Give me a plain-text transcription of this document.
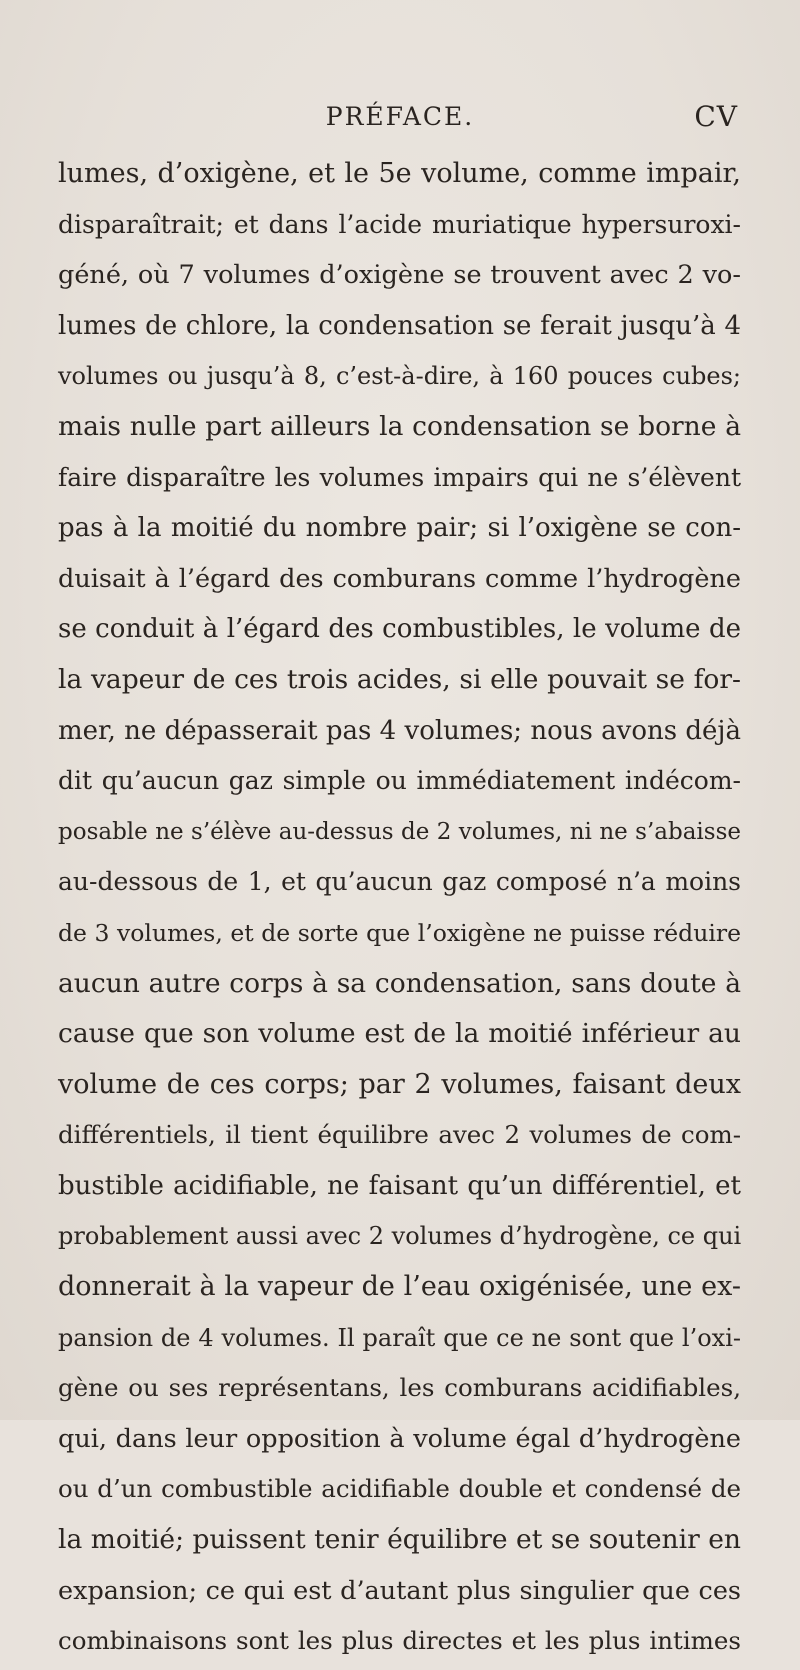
PRÉFACE.	CV
lumes, d’oxigène, et le 5e volume, comme impair,
disparaîtrait; et dans l’acide muriatique hypersuroxi-
géné, où 7 volumes d’oxigène se trouvent avec 2 vo-
lumes de chlore, la condensation se ferait jusqu’à 4
volumes ou jusqu’à 8, c’est-à-dire, à 160 pouces cubes;
mais nulle part ailleurs la condensation se borne à
faire disparaître les volumes impairs qui ne s’élèvent
pas à la moitié du nombre pair; si l’oxigène se con-
duisait à l’égard des comburans comme l’hydrogène
se conduit à l’égard des combustibles, le volume de
la vapeur de ces trois acides, si elle pouvait se for-
mer, ne dépasserait pas 4 volumes; nous avons déjà
dit qu’aucun gaz simple ou immédiatement indécom-
posable ne s’élève au-dessus de 2 volumes, ni ne s’abaisse
au-dessous de 1, et qu’aucun gaz composé n’a moins
de 3 volumes, et de sorte que l’oxigène ne puisse réduire
aucun autre corps à sa condensation, sans doute à
cause que son volume est de la moitié inférieur au
volume de ces corps; par 2 volumes, faisant deux
différentiels, il tient équilibre avec 2 volumes de com-
bustible acidifiable, ne faisant qu’un différentiel, et
probablement aussi avec 2 volumes d’hydrogène, ce qui
donnerait à la vapeur de l’eau oxigénisée, une ex-
pansion de 4 volumes. Il paraît que ce ne sont que l’oxi-
gène ou ses représentans, les comburans acidifiables,
qui, dans leur opposition à volume égal d’hydrogène
ou d’un combustible acidifiable double et condensé de
la moitié; puissent tenir équilibre et se soutenir en
expansion; ce qui est d’autant plus singulier que ces
combinaisons sont les plus directes et les plus intimes
